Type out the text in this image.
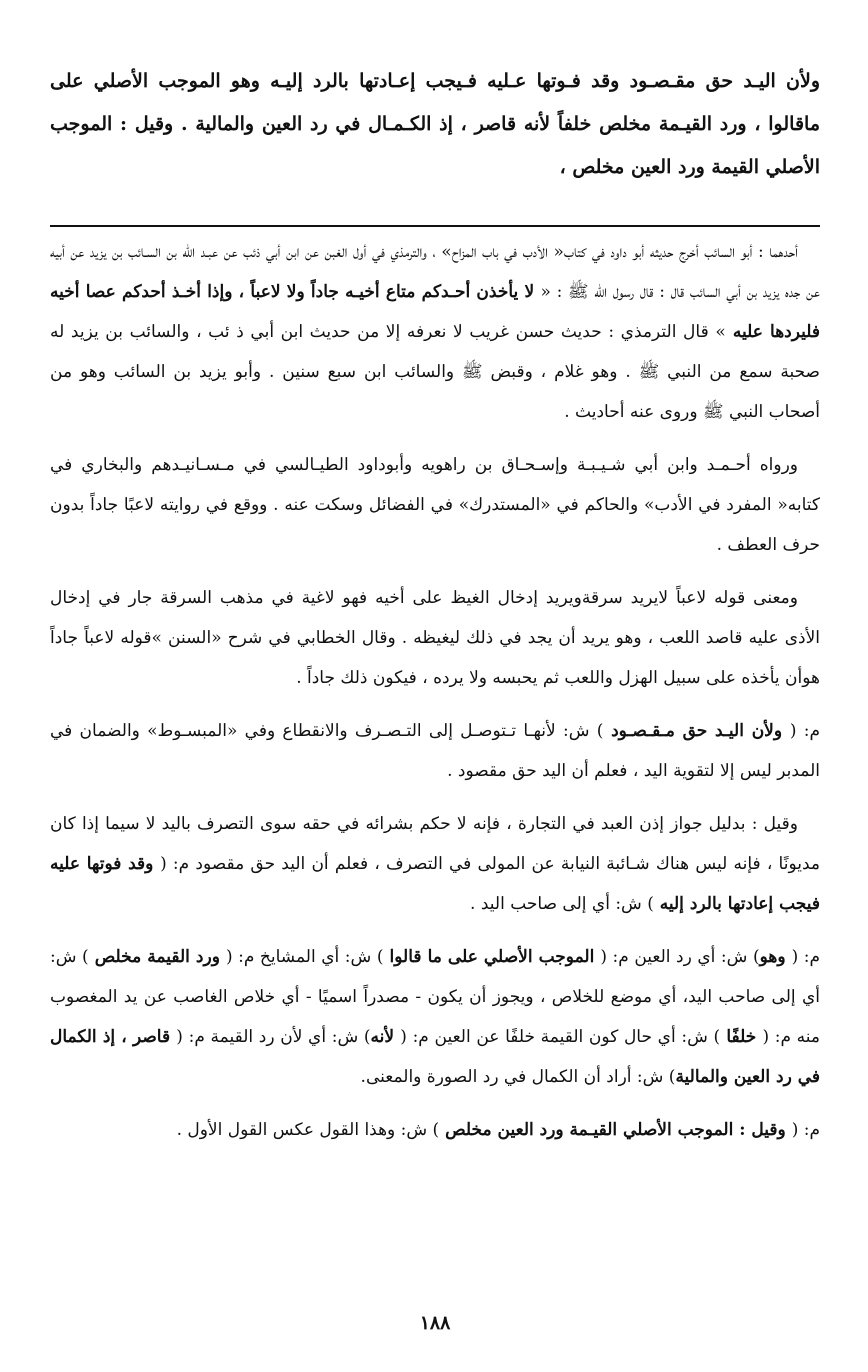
ولأن اليـد حق مقـصـود وقد فـوتها عـليه فـيجب إعـادتها بالرد إليـه وهو الموجب الأصلي على ماقالوا ، ورد القيـمة مخلص خلفاً لأنه قاصر ، إذ الكـمـال في رد العين والمالية . وقيل : الموجب الأصلي القيمة ورد العين مخلص ،

أحدهما : أبو السائب أخرج حديثه أبو داود في كتاب« الأدب في باب المزاح» ، والترمذي في أول الغبن عن ابن أبي ذئب عن عبـد الله بن السـائب بن يزيد عن أبيه عن جده يزيد بن أبي السائب قال : قال رسول الله ﷺ : « لا يأخذن أحـدكم متاع أخيـه جاداً ولا لاعباً ، وإذا أخـذ أحدكم عصا أخيه فليردها عليه » قال الترمذي : حديث حسن غريب لا نعرفه إلا من حديث ابن أبي ذ ئب ، والسائب بن يزيد له صحبة سمع من النبي ﷺ . وهو غلام ، وقبض ﷺ والسائب ابن سبع سنين . وأبو يزيد بن السائب وهو من أصحاب النبي ﷺ وروى عنه أحاديث .

ورواه أحـمـد وابن أبي شـيـبـة وإسـحـاق بن راهويه وأبوداود الطيـالسي في مـسـانيـدهم والبخاري في كتابه« المفرد في الأدب» والحاكم في «المستدرك» في الفضائل وسكت عنه . ووقع في روايته لاعبًا جاداً بدون حرف العطف .

ومعنى قوله لاعباً لايريد سرقةويريد إدخال الغيظ على أخيه فهو لاغية في مذهب السرقة جار في إدخال الأذى عليه قاصد اللعب ، وهو يريد أن يجد في ذلك ليغيظه . وقال الخطابي في شرح «السنن »قوله لاعباً جاداً هوأن يأخذه على سبيل الهزل واللعب ثم يحبسه ولا يرده ، فيكون ذلك جاداً .

م: ( ولأن اليـد حق مـقـصـود ) ش: لأنهـا تـتوصـل إلى التـصـرف والانقطاع وفي «المبسـوط» والضمان في المدبر ليس إلا لتقوية اليد ، فعلم أن اليد حق مقصود .

وقيل : بدليل جواز إذن العبد في التجارة ، فإنه لا حكم بشرائه في حقه سوى التصرف باليد لا سيما إذا كان مديونًا ، فإنه ليس هناك شـائبة النيابة عن المولى في التصرف ، فعلم أن اليد حق مقصود م: ( وقد فوتها عليه فيجب إعادتها بالرد إليه ) ش: أي إلى صاحب اليد .

م: ( وهو) ش: أي رد العين م: ( الموجب الأصلي على ما قالوا ) ش: أي المشايخ م: ( ورد القيمة مخلص ) ش: أي إلى صاحب اليد، أي موضع للخلاص ، ويجوز أن يكون - مصدراً اسميًا - أي خلاص الغاصب عن يد المغصوب منه م: ( خلفًا ) ش: أي حال كون القيمة خلفًا عن العين م: ( لأنه) ش: أي لأن رد القيمة م: ( قاصر ، إذ الكمال في رد العين والمالية) ش: أراد أن الكمال في رد الصورة والمعنى.

م: ( وقيل : الموجب الأصلي القيـمة ورد العين مخلص ) ش: وهذا القول عكس القول الأول .

١٨٨
